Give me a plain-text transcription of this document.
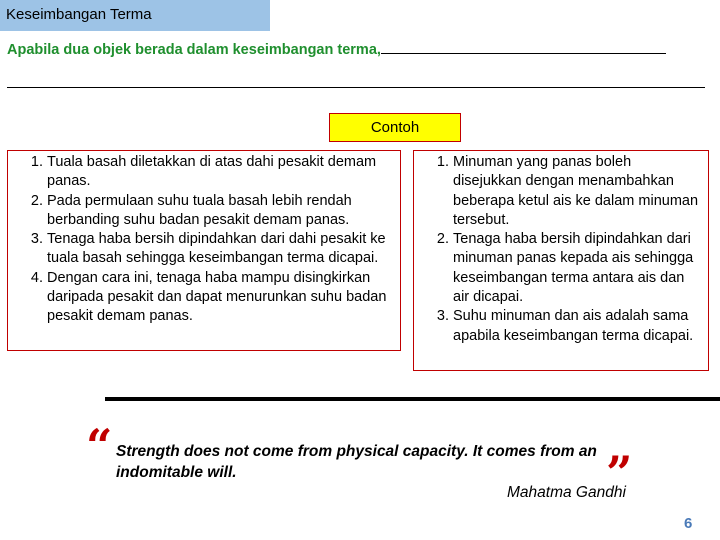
Keseimbangan Terma
Apabila dua objek berada dalam keseimbangan terma,
Contoh
1. Tuala basah diletakkan di atas dahi pesakit demam panas.
2. Pada permulaan suhu tuala basah lebih rendah berbanding suhu badan pesakit demam panas.
3. Tenaga haba bersih dipindahkan dari dahi pesakit ke tuala basah sehingga keseimbangan terma dicapai.
4. Dengan cara ini, tenaga haba mampu disingkirkan daripada pesakit dan dapat menurunkan suhu badan pesakit demam panas.
1. Minuman yang panas boleh disejukkan dengan menambahkan beberapa ketul ais ke dalam minuman tersebut.
2. Tenaga haba bersih dipindahkan dari minuman panas kepada ais sehingga keseimbangan terma antara ais dan air dicapai.
3. Suhu minuman dan ais adalah sama apabila keseimbangan terma dicapai.
“ Strength does not come from physical capacity. It comes from an indomitable will.	”
Mahatma Gandhi
6
